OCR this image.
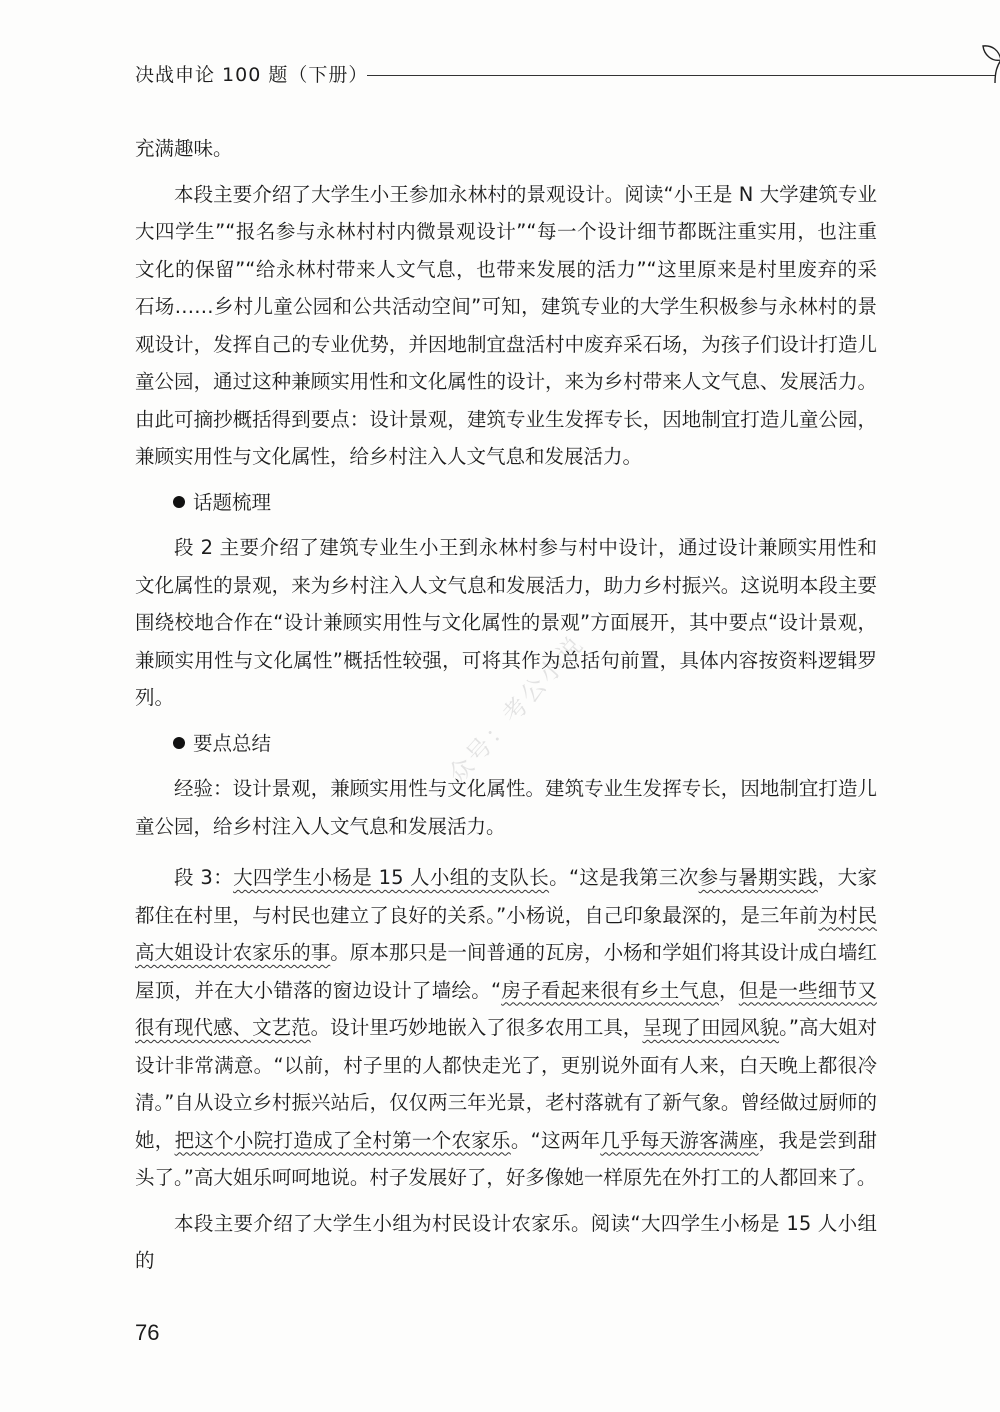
决战申论 100 题（下册）
众号：考公小说

充满趣味。

本段主要介绍了大学生小王参加永林村的景观设计。阅读“小王是 N 大学建筑专业大四学生”“报名参与永林村村内微景观设计”“每一个设计细节都既注重实用，也注重文化的保留”“给永林村带来人文气息，也带来发展的活力”“这里原来是村里废弃的采石场……乡村儿童公园和公共活动空间”可知，建筑专业的大学生积极参与永林村的景观设计，发挥自己的专业优势，并因地制宜盘活村中废弃采石场，为孩子们设计打造儿童公园，通过这种兼顾实用性和文化属性的设计，来为乡村带来人文气息、发展活力。由此可摘抄概括得到要点：设计景观，建筑专业生发挥专长，因地制宜打造儿童公园，兼顾实用性与文化属性，给乡村注入人文气息和发展活力。

话题梳理

段 2 主要介绍了建筑专业生小王到永林村参与村中设计，通过设计兼顾实用性和文化属性的景观，来为乡村注入人文气息和发展活力，助力乡村振兴。这说明本段主要围绕校地合作在“设计兼顾实用性与文化属性的景观”方面展开，其中要点“设计景观，兼顾实用性与文化属性”概括性较强，可将其作为总括句前置，具体内容按资料逻辑罗列。

要点总结

经验：设计景观，兼顾实用性与文化属性。建筑专业生发挥专长，因地制宜打造儿童公园，给乡村注入人文气息和发展活力。

段 3：大四学生小杨是 15 人小组的支队长。“这是我第三次参与暑期实践，大家都住在村里，与村民也建立了良好的关系。”小杨说，自己印象最深的，是三年前为村民高大姐设计农家乐的事。原本那只是一间普通的瓦房，小杨和学姐们将其设计成白墙红屋顶，并在大小错落的窗边设计了墙绘。“房子看起来很有乡土气息，但是一些细节又很有现代感、文艺范。设计里巧妙地嵌入了很多农用工具，呈现了田园风貌。”高大姐对设计非常满意。“以前，村子里的人都快走光了，更别说外面有人来，白天晚上都很冷清。”自从设立乡村振兴站后，仅仅两三年光景，老村落就有了新气象。曾经做过厨师的她，把这个小院打造成了全村第一个农家乐。“这两年几乎每天游客满座，我是尝到甜头了。”高大姐乐呵呵地说。村子发展好了，好多像她一样原先在外打工的人都回来了。

本段主要介绍了大学生小组为村民设计农家乐。阅读“大四学生小杨是 15 人小组的

76
